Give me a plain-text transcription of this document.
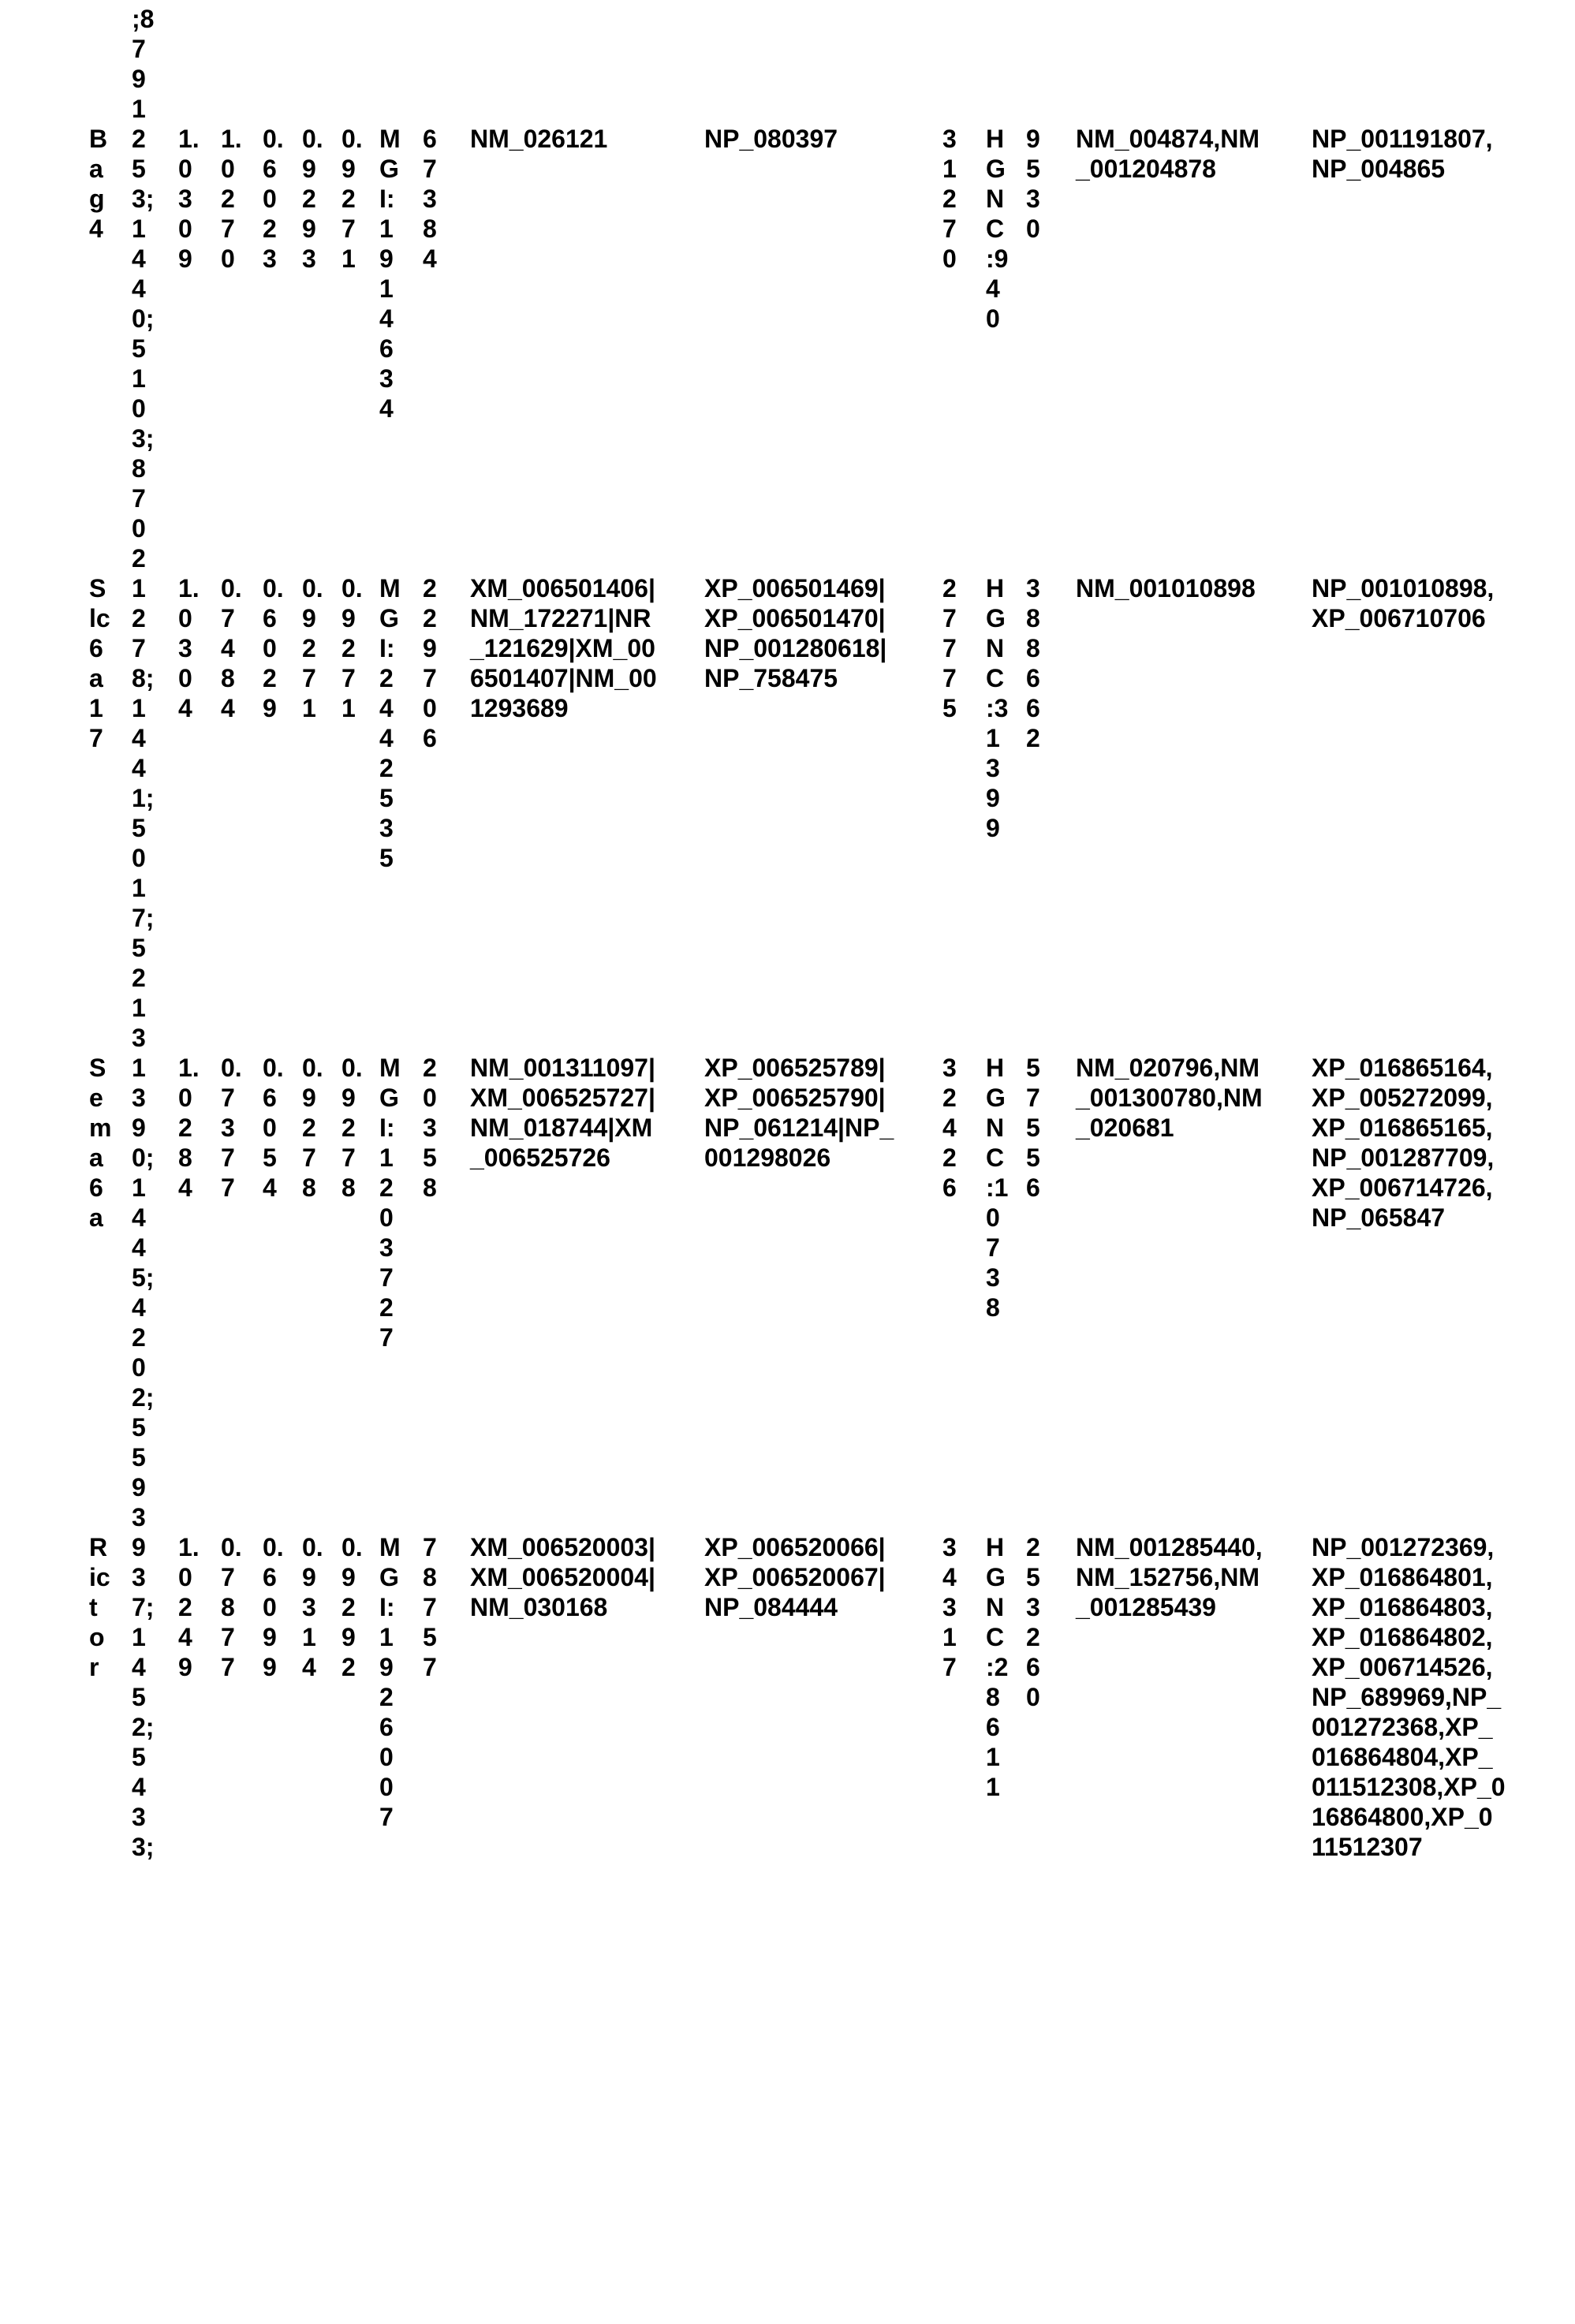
;8791
Bag4
253;1440;5103;8702
1.0309
1.0270
0.6023
0.9293
0.9271
MGI:1914634
67384
NM_026121	NP_080397	31270
HGNC:940
9530
NM_004874,NM_001204878
NP_001191807,NP_004865
Slc6a17
1278;1441;5017;5213
1.0304
0.7484
0.6029
0.9271
0.9271
MGI:2442535
229706
XM_006501406|NM_172271|NR_121629|XM_006501407|NM_001293689
XP_006501469|XP_006501470|NP_001280618|NP_758475
27775
HGNC:31399
388662
NM_001010898	NP_001010898,XP_006710706
Sema6a
1390;1445;4202;5593
1.0284
0.7377
0.6054
0.9278
0.9278
MGI:1203727
20358
NM_001311097|XM_006525727|NM_018744|XM_006525726
XP_006525789|XP_006525790|NP_061214|NP_001298026
32426
HGNC:10738
57556
NM_020796,NM_001300780,NM_020681
XP_016865164,XP_005272099,XP_016865165,NP_001287709,XP_006714726,NP_065847
Rictor
937;1452;5433;
1.0249
0.7877
0.6099
0.9314
0.9292
MGI:1926007
78757
XM_006520003|XM_006520004|NM_030168
XP_006520066|XP_006520067|NP_084444
34317
HGNC:28611
253260
NM_001285440,NM_152756,NM_001285439
NP_001272369,XP_016864801,XP_016864803,XP_016864802,XP_006714526,NP_689969,NP_001272368,XP_016864804,XP_011512308,XP_016864800,XP_011512307
